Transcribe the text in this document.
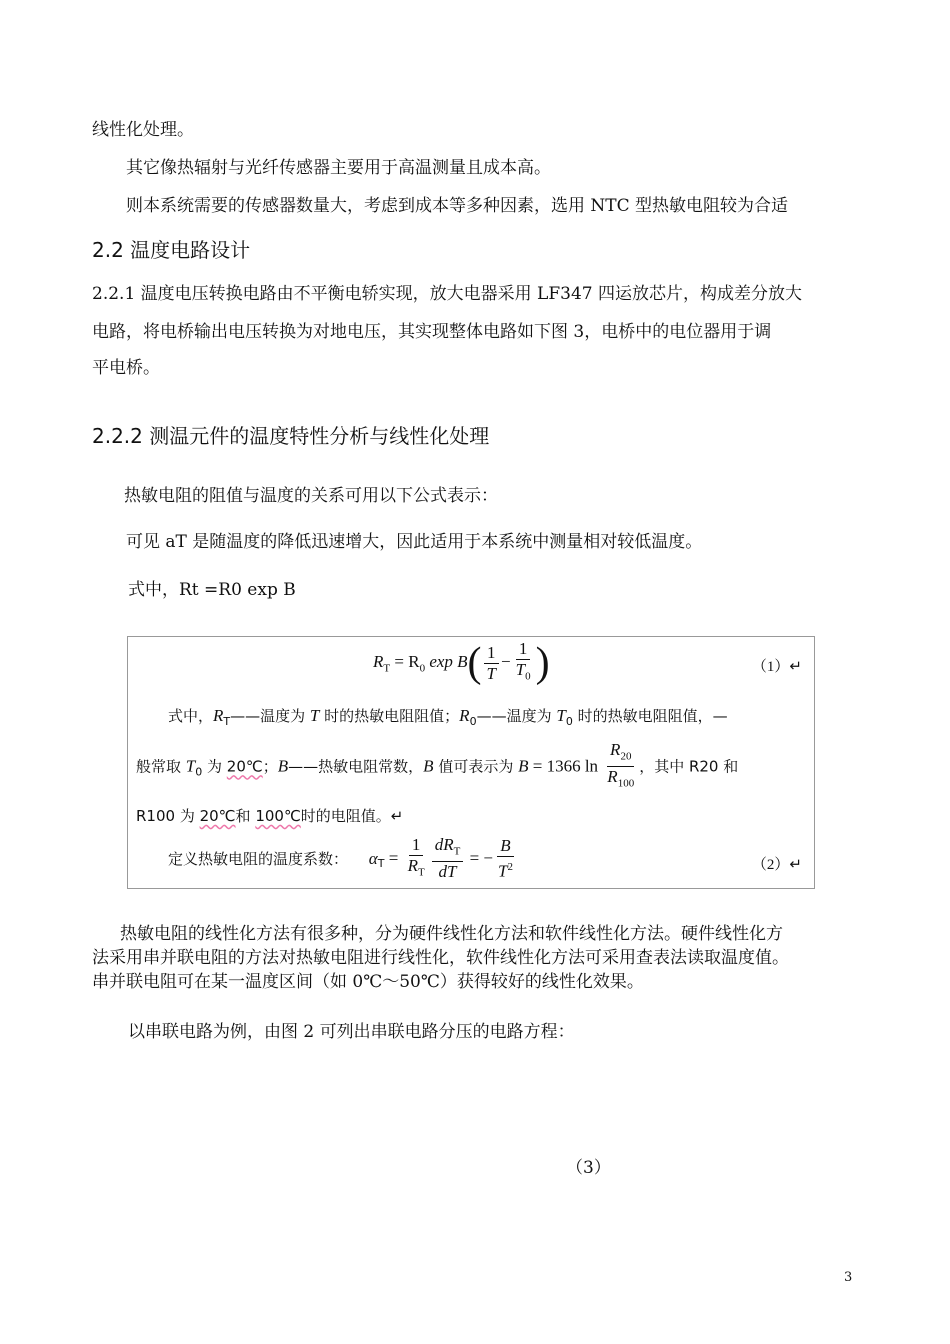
线性化处理。
其它像热辐射与光纤传感器主要用于高温测量且成本高。
则本系统需要的传感器数量大，考虑到成本等多种因素，选用 NTC 型热敏电阻较为合适
2.2 温度电路设计
2.2.1 温度电压转换电路由不平衡电轿实现，放大电器采用 LF347 四运放芯片，构成差分放大
电路，将电桥输出电压转换为对地电压，其实现整体电路如下图 3，电桥中的电位器用于调
平电桥。
2.2.2 测温元件的温度特性分析与线性化处理
热敏电阻的阻值与温度的关系可用以下公式表示：
可见 aT 是随温度的降低迅速增大，因此适用于本系统中测量相对较低温度。
式中，Rt =R0 exp B
$R_T = R_0$ $\exp B( \frac{1}{T} - \frac{1}{T_0}$ )	（1）↵
式中，$R_T——$温度为 T 时的热敏电阻阻值；$R_0——$温度为 $T_0$ 时的热敏电阻阻值，—
般常取 $T_0$ 为 20℃；B——热敏电阻常数，B 值可表示为 B = 1366 $\ln \frac{R_{20}}{R_{100}}$ ，其中 R20 和
R100 为 20℃和 100℃时的电阻值。↵
定义热敏电阻的温度系数： $\alpha_T = \frac{1}{R_T} \frac{dR_T}{dT}$ = − $\frac{B}{T^2}$	（2）↵
热敏电阻的线性化方法有很多种，分为硬件线性化方法和软件线性化方法。硬件线性化方
法采用串并联电阻的方法对热敏电阻进行线性化，软件线性化方法可采用查表法读取温度值。
串并联电阻可在某一温度区间（如 0℃～50℃）获得较好的线性化效果。
以串联电路为例，由图 2 可列出串联电路分压的电路方程：
（3）
3
